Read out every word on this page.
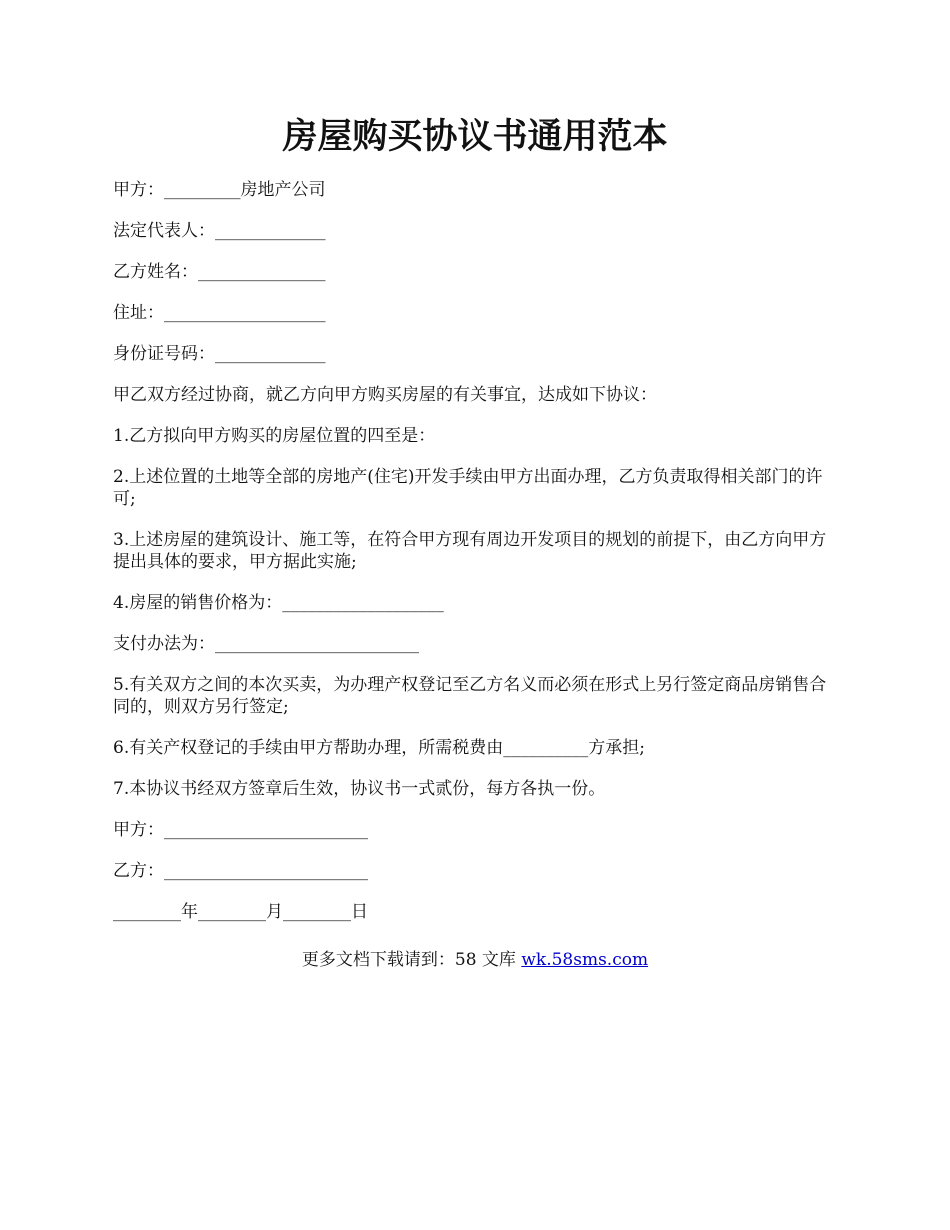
房屋购买协议书通用范本

甲方：_________房地产公司

法定代表人：_____________

乙方姓名：_______________

住址：___________________

身份证号码：_____________

甲乙双方经过协商，就乙方向甲方购买房屋的有关事宜，达成如下协议：

1.乙方拟向甲方购买的房屋位置的四至是：

2.上述位置的土地等全部的房地产(住宅)开发手续由甲方出面办理，乙方负责取得相关部门的许可;

3.上述房屋的建筑设计、施工等，在符合甲方现有周边开发项目的规划的前提下，由乙方向甲方提出具体的要求，甲方据此实施;

4.房屋的销售价格为：___________________

支付办法为：________________________

5.有关双方之间的本次买卖，为办理产权登记至乙方名义而必须在形式上另行签定商品房销售合同的，则双方另行签定;

6.有关产权登记的手续由甲方帮助办理，所需税费由__________方承担;

7.本协议书经双方签章后生效，协议书一式贰份，每方各执一份。

甲方：________________________

乙方：________________________

________年________月________日

更多文档下载请到：58 文库 wk.58sms.com
